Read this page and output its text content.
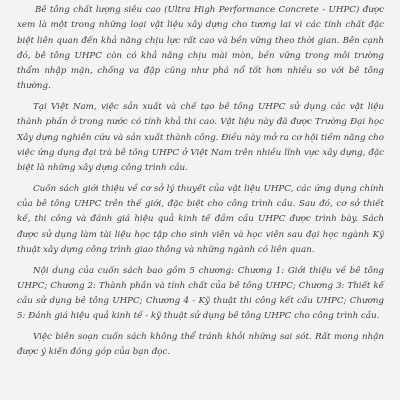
Bê tông chất lượng siêu cao (Ultra High Performance Concrete - UHPC) được xem là một trong những loại vật liệu xây dựng cho tương lai vì các tính chất đặc biệt liên quan đến khả năng chịu lực rất cao và bền vững theo thời gian. Bên cạnh đó, bê tông UHPC còn có khả năng chịu mài mòn, bền vững trong môi trường thẩm nhập mặn, chống va đập cũng như phá nổ tốt hơn nhiều so với bê tông thường.

Tại Việt Nam, việc sản xuất và chế tạo bê tông UHPC sử dụng các vật liệu thành phần ở trong nước có tính khả thi cao. Vật liệu này đã được Trường Đại học Xây dựng nghiên cứu và sản xuất thành công. Điều này mở ra cơ hội tiềm năng cho việc ứng dụng đại trà bê tông UHPC ở Việt Nam trên nhiều lĩnh vực xây dựng, đặc biệt là những xây dựng công trình cầu.

Cuốn sách giới thiệu về cơ sở lý thuyết của vật liệu UHPC, các ứng dụng chính của bê tông UHPC trên thế giới, đặc biệt cho công trình cầu. Sau đó, cơ sở thiết kế, thi công và đánh giá hiệu quả kinh tế đầm cầu UHPC được trình bày. Sách được sử dụng làm tài liệu học tập cho sinh viên và học viên sau đại học ngành Kỹ thuật xây dựng công trình giao thông và những ngành có liên quan.

Nội dung của cuốn sách bao gồm 5 chương: Chương 1: Giới thiệu về bê tông UHPC; Chương 2: Thành phần và tính chất của bê tông UHPC; Chương 3: Thiết kế cầu sử dụng bê tông UHPC; Chương 4 - Kỹ thuật thi công kết cấu UHPC; Chương 5: Đánh giá hiệu quả kinh tế - kỹ thuật sử dụng bê tông UHPC cho công trình cầu.

Việc biên soạn cuốn sách không thể tránh khỏi những sai sót. Rất mong nhận được ý kiến đóng góp của bạn đọc.
